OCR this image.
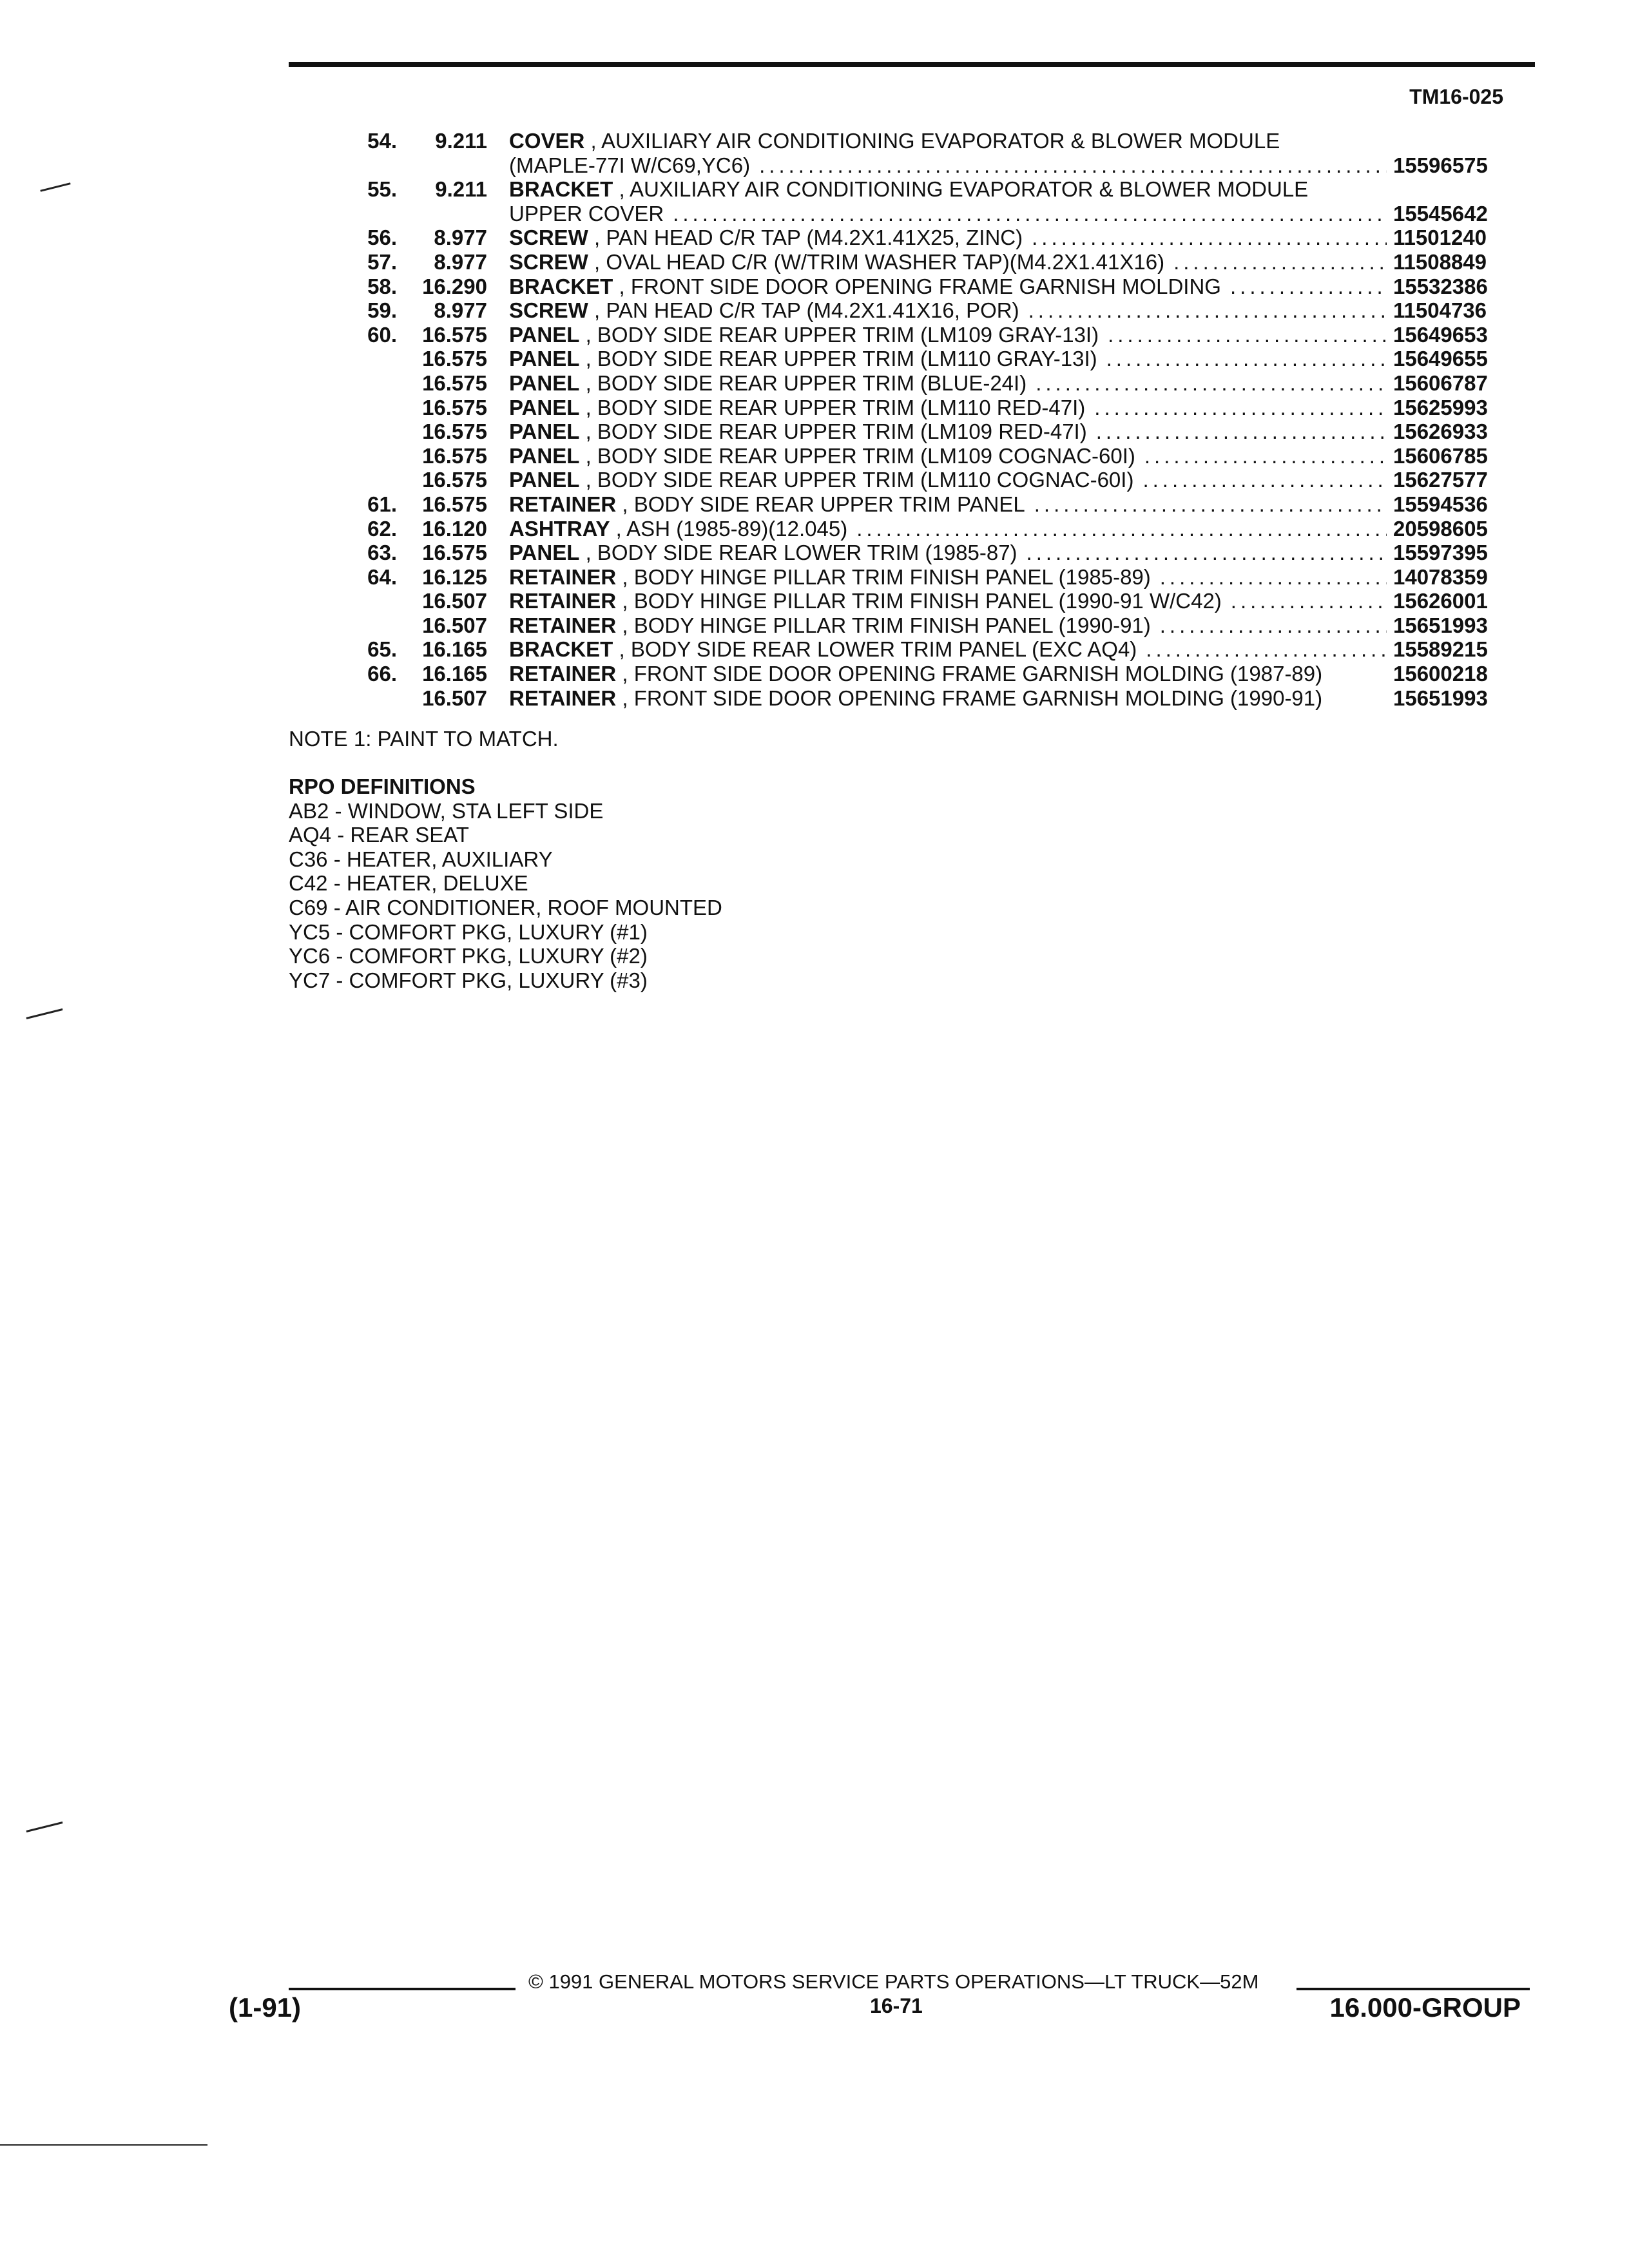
TM16-025
54. 9.211 COVER , AUXILIARY AIR CONDITIONING EVAPORATOR & BLOWER MODULE
(MAPLE-77I W/C69,YC6) .....	15596575
55. 9.211 BRACKET , AUXILIARY AIR CONDITIONING EVAPORATOR & BLOWER MODULE
UPPER COVER .....	15545642
56. 8.977 SCREW , PAN HEAD C/R TAP (M4.2X1.41X25, ZINC) .....	11501240
57. 8.977 SCREW , OVAL HEAD C/R (W/TRIM WASHER TAP)(M4.2X1.41X16) .....	11508849
58. 16.290 BRACKET , FRONT SIDE DOOR OPENING FRAME GARNISH MOLDING .....	15532386
59. 8.977 SCREW , PAN HEAD C/R TAP (M4.2X1.41X16, POR) .....	11504736
60. 16.575 PANEL , BODY SIDE REAR UPPER TRIM (LM109 GRAY-13I) .....	15649653
16.575 PANEL , BODY SIDE REAR UPPER TRIM (LM110 GRAY-13I) .....	15649655
16.575 PANEL , BODY SIDE REAR UPPER TRIM (BLUE-24I) .....	15606787
16.575 PANEL , BODY SIDE REAR UPPER TRIM (LM110 RED-47I) .....	15625993
16.575 PANEL , BODY SIDE REAR UPPER TRIM (LM109 RED-47I) .....	15626933
16.575 PANEL , BODY SIDE REAR UPPER TRIM (LM109 COGNAC-60I) .....	15606785
16.575 PANEL , BODY SIDE REAR UPPER TRIM (LM110 COGNAC-60I) .....	15627577
61. 16.575 RETAINER , BODY SIDE REAR UPPER TRIM PANEL .....	15594536
62. 16.120 ASHTRAY , ASH (1985-89)(12.045) .....	20598605
63. 16.575 PANEL , BODY SIDE REAR LOWER TRIM (1985-87) .....	15597395
64. 16.125 RETAINER , BODY HINGE PILLAR TRIM FINISH PANEL (1985-89) .....	14078359
16.507 RETAINER , BODY HINGE PILLAR TRIM FINISH PANEL (1990-91 W/C42) .....	15626001
16.507 RETAINER , BODY HINGE PILLAR TRIM FINISH PANEL (1990-91) .....	15651993
65. 16.165 BRACKET , BODY SIDE REAR LOWER TRIM PANEL (EXC AQ4) .....	15589215
66. 16.165 RETAINER , FRONT SIDE DOOR OPENING FRAME GARNISH MOLDING (1987-89)	15600218
16.507 RETAINER , FRONT SIDE DOOR OPENING FRAME GARNISH MOLDING (1990-91)	15651993
NOTE 1: PAINT TO MATCH.
RPO DEFINITIONS
AB2 - WINDOW, STA LEFT SIDE
AQ4 - REAR SEAT
C36 - HEATER, AUXILIARY
C42 - HEATER, DELUXE
C69 - AIR CONDITIONER, ROOF MOUNTED
YC5 - COMFORT PKG, LUXURY (#1)
YC6 - COMFORT PKG, LUXURY (#2)
YC7 - COMFORT PKG, LUXURY (#3)
© 1991 GENERAL MOTORS SERVICE PARTS OPERATIONS—LT TRUCK—52M
16-71
(1-91)	16.000-GROUP
